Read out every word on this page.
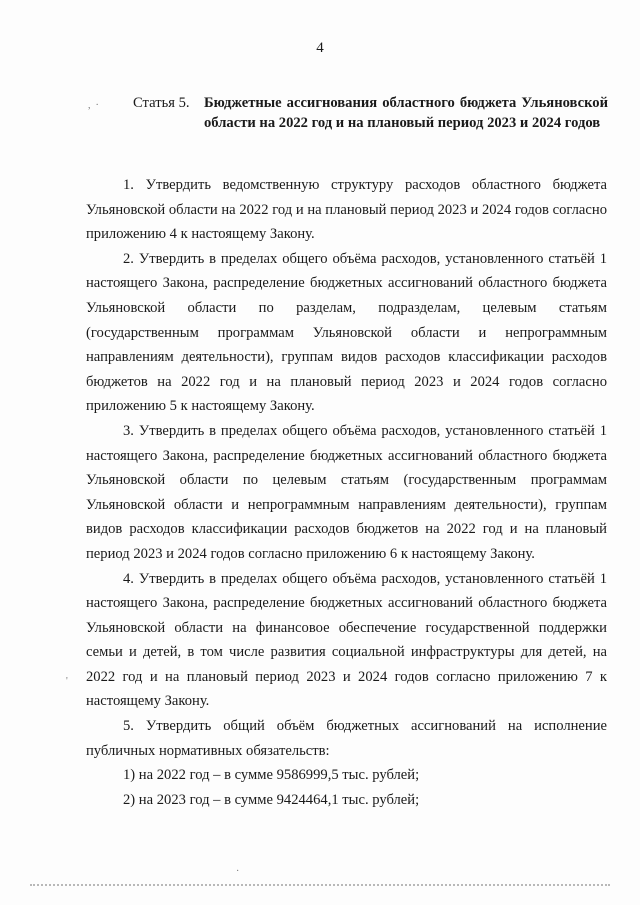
4
,  · Статья 5. Бюджетные ассигнования областного бюджета Ульяновской области на 2022 год и на плановый период 2023 и 2024 годов

1. Утвердить ведомственную структуру расходов областного бюджета Ульяновской области на 2022 год и на плановый период 2023 и 2024 годов согласно приложению 4 к настоящему Закону.

2. Утвердить в пределах общего объёма расходов, установленного статьёй 1 настоящего Закона, распределение бюджетных ассигнований областного бюджета Ульяновской области по разделам, подразделам, целевым статьям (государственным программам Ульяновской области и непрограммным направлениям деятельности), группам видов расходов классификации расходов бюджетов на 2022 год и на плановый период 2023 и 2024 годов согласно приложению 5 к настоящему Закону.

3. Утвердить в пределах общего объёма расходов, установленного статьёй 1 настоящего Закона, распределение бюджетных ассигнований областного бюджета Ульяновской области по целевым статьям (государственным программам Ульяновской области и непрограммным направлениям деятельности), группам видов расходов классификации расходов бюджетов на 2022 год и на плановый период 2023 и 2024 годов согласно приложению 6 к настоящему Закону.

4. Утвердить в пределах общего объёма расходов, установленного статьёй 1 настоящего Закона, распределение бюджетных ассигнований областного бюджета Ульяновской области на финансовое обеспечение государственной поддержки семьи и детей, в том числе развития социальной инфраструктуры для детей, на 2022 год и на плановый период 2023 и 2024 годов согласно приложению 7 к настоящему Закону.

5. Утвердить общий объём бюджетных ассигнований на исполнение публичных нормативных обязательств:

1) на 2022 год – в сумме 9586999,5 тыс. рублей;

2) на 2023 год – в сумме 9424464,1 тыс. рублей;

'
·
